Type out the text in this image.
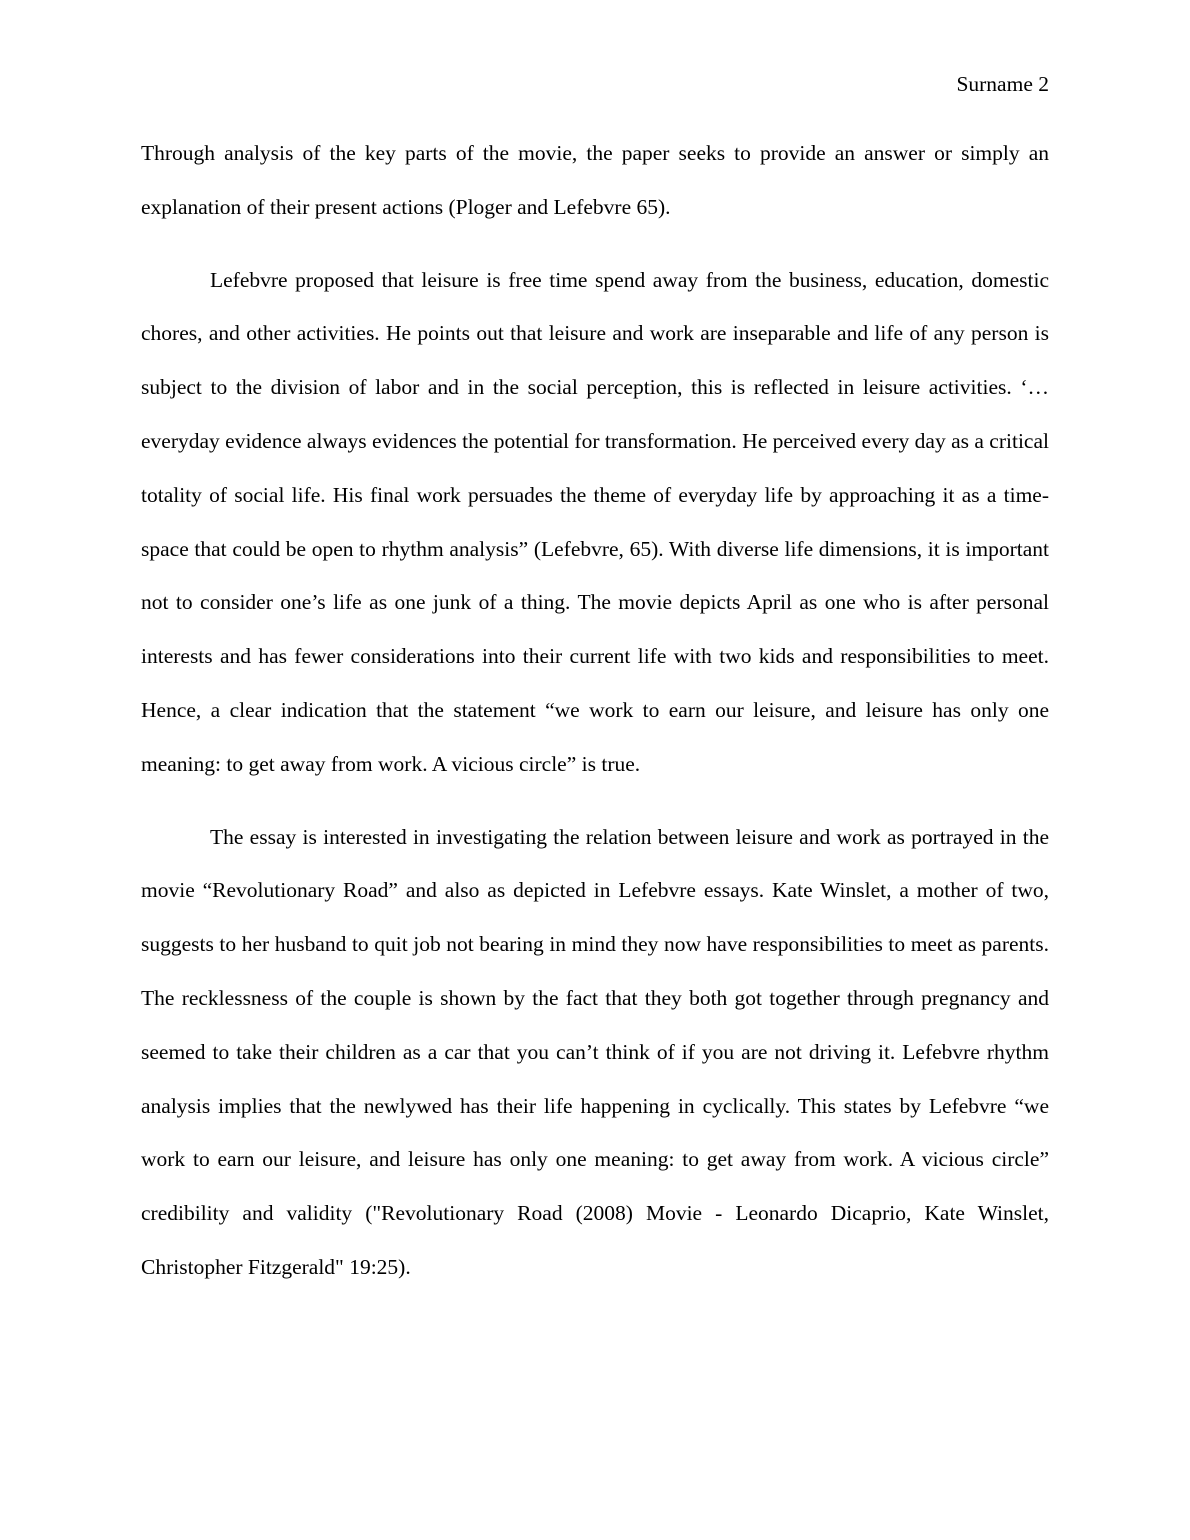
Surname 2

Through analysis of the key parts of the movie, the paper seeks to provide an answer or simply an explanation of their present actions (Ploger and Lefebvre 65).

Lefebvre proposed that leisure is free time spend away from the business, education, domestic chores, and other activities. He points out that leisure and work are inseparable and life of any person is subject to the division of labor and in the social perception, this is reflected in leisure activities. ‘…everyday evidence always evidences the potential for transformation. He perceived every day as a critical totality of social life. His final work persuades the theme of everyday life by approaching it as a time-space that could be open to rhythm analysis” (Lefebvre, 65). With diverse life dimensions, it is important not to consider one’s life as one junk of a thing. The movie depicts April as one who is after personal interests and has fewer considerations into their current life with two kids and responsibilities to meet. Hence, a clear indication that the statement “we work to earn our leisure, and leisure has only one meaning: to get away from work. A vicious circle” is true.

The essay is interested in investigating the relation between leisure and work as portrayed in the movie “Revolutionary Road” and also as depicted in Lefebvre essays. Kate Winslet, a mother of two, suggests to her husband to quit job not bearing in mind they now have responsibilities to meet as parents. The recklessness of the couple is shown by the fact that they both got together through pregnancy and seemed to take their children as a car that you can’t think of if you are not driving it. Lefebvre rhythm analysis implies that the newlywed has their life happening in cyclically. This states by Lefebvre “we work to earn our leisure, and leisure has only one meaning: to get away from work. A vicious circle” credibility and validity ("Revolutionary Road (2008) Movie - Leonardo Dicaprio, Kate Winslet, Christopher Fitzgerald" 19:25).
